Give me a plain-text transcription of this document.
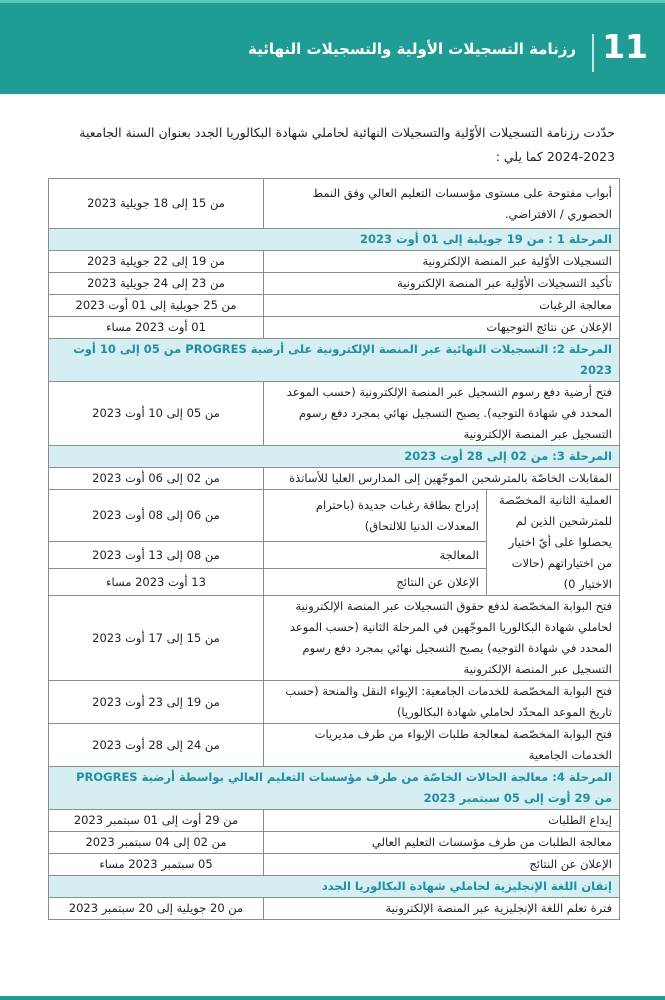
11
رزنامة التسجيلات الأولية والتسجيلات النهائية
حدّدت رزنامة التسجيلات الأوّلية والتسجيلات النهائية لحاملي شهادة البكالوريا الجدد بعنوان السنة الجامعية 2023-2024 كما يلي :
أبواب مفتوحة على مستوى مؤسسات التعليم العالي وفق النمط الحضوري / الافتراضي.		من 15 إلى 18 جويلية 2023
المرحلة 1 : من 19 جويلية إلى 01 أوت 2023		
التسجيلات الأوّلية عبر المنصة الإلكترونية		من 19 إلى 22 جويلية 2023
تأكيد التسجيلات الأوّلية عبر المنصة الإلكترونية		من 23 إلى 24 جويلية 2023
معالجة الرغبات		من 25 جويلية إلى 01 أوت 2023
الإعلان عن نتائج التوجيهات		01 أوت 2023 مساء
المرحلة 2: التسجيلات النهائية عبر المنصة الإلكترونية على أرضية PROGRES من 05 إلى 10 أوت 2023		
فتح أرضية دفع رسوم التسجيل عبر المنصة الإلكترونية (حسب الموعد المحدد في شهادة التوجيه). يصبح التسجيل نهائي بمجرد دفع رسوم التسجيل عبر المنصة الإلكترونية		من 05 إلى 10 أوت 2023
المرحلة 3: من 02 إلى 28 أوت 2023		
المقابلات الخاصّة بالمترشحين الموجّهين إلى المدارس العليا للأساتذة		من 02 إلى 06 أوت 2023
العملية الثانية المخصّصة للمترشحين الذين لم يحصلوا على أيّ اختيار من اختياراتهم (حالات الاختيار 0)	إدراج بطاقة رغبات جديدة (باحترام المعدلات الدنيا للالتحاق)	من 06 إلى 08 أوت 2023
	المعالجة	من 08 إلى 13 أوت 2023
	الإعلان عن النتائج	13 أوت 2023 مساء
فتح البوابة المخصّصة لدفع حقوق التسجيلات عبر المنصة الإلكترونية لحاملي شهادة البكالوريا الموجّهين في المرحلة الثانية (حسب الموعد المحدد في شهادة التوجيه) يصبح التسجيل نهائي بمجرد دفع رسوم التسجيل عبر المنصة الإلكترونية		من 15 إلى 17 أوت 2023
فتح البوابة المخصّصة للخدمات الجامعية: الإيواء النقل والمنحة (حسب تاريخ الموعد المحدّد لحاملي شهادة البكالوريا)		من 19 إلى 23 أوت 2023
فتح البوابة المخصّصة لمعالجة طلبات الإيواء من طرف مديريات الخدمات الجامعية		من 24 إلى 28 أوت 2023
المرحلة 4: معالجة الحالات الخاصّة من طرف مؤسسات التعليم العالي بواسطة أرضية PROGRES من 29 أوت إلى 05 سبتمبر 2023		
إيداع الطلبات		من 29 أوت إلى 01 سبتمبر 2023
معالجة الطلبات من طرف مؤسسات التعليم العالي		من 02 إلى 04 سبتمبر 2023
الإعلان عن النتائج		05 سبتمبر 2023 مساء
إتقان اللغة الإنجليزية لحاملي شهادة البكالوريا الجدد		
فترة تعلم اللغة الإنجليزية عبر المنصة الإلكترونية		من 20 جويلية إلى 20 سبتمبر 2023
